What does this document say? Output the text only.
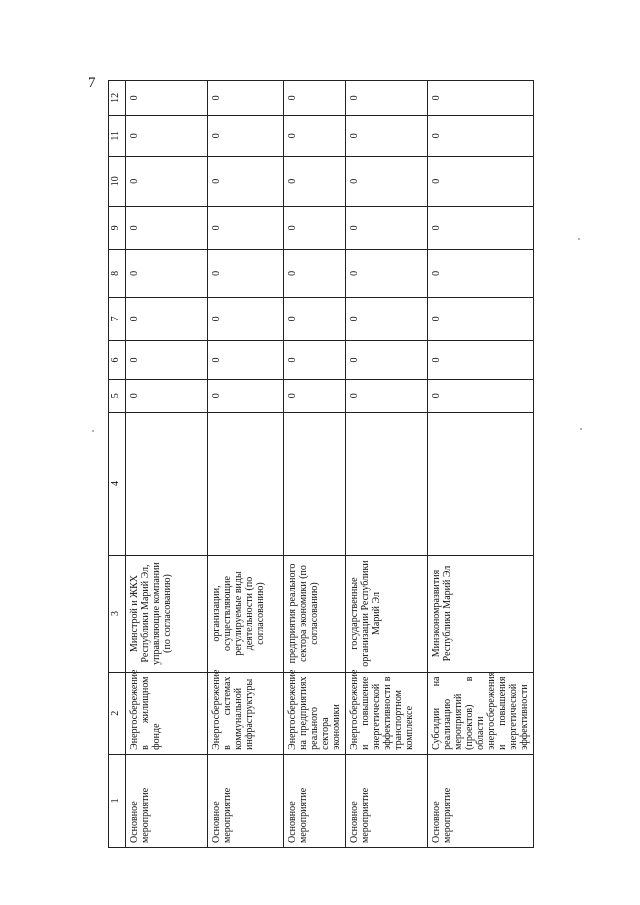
7
1	2	3	4	5	6	7	8	9	10	11	12
Основное мероприятие	Энергосбережение в жилищном фонде	Минстрой и ЖКХ Республики Марий Эл, управляющие компании (по согласованию)		0	0	0	0	0	0	0	0
Основное мероприятие	Энергосбережение в системах коммунальной инфраструктуры	организации, осуществляющие регулируемые виды деятельности (по согласованию)		0	0	0	0	0	0	0	0
Основное мероприятие	Энергосбережение на предприятиях реального сектора экономики	предприятия реального сектора экономики (по согласованию)		0	0	0	0	0	0	0	0
Основное мероприятие	Энергосбережение и повышение энергетической эффективности в транспортном комплексе	государственные организации Республики Марий Эл		0	0	0	0	0	0	0	0
Основное мероприятие	Субсидии на реализацию мероприятий (проектов) в области энергосбережения и повышения энергетической эффективности	Минэкономразвития Республики Марий Эл		0	0	0	0	0	0	0	0
